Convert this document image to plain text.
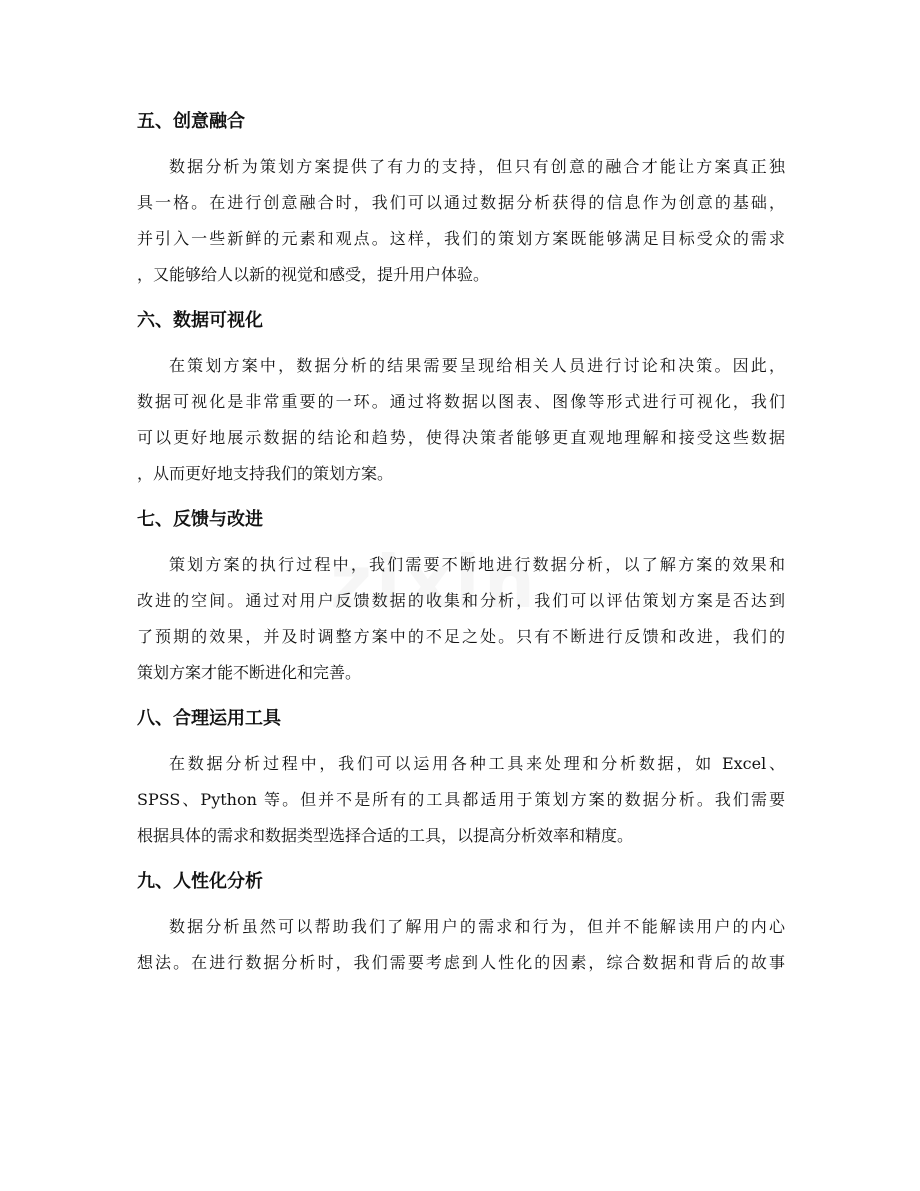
五、创意融合
数据分析为策划方案提供了有力的支持，但只有创意的融合才能让方案真正独
具一格。在进行创意融合时，我们可以通过数据分析获得的信息作为创意的基础，
并引入一些新鲜的元素和观点。这样，我们的策划方案既能够满足目标受众的需求
，又能够给人以新的视觉和感受，提升用户体验。
六、数据可视化
在策划方案中，数据分析的结果需要呈现给相关人员进行讨论和决策。因此，
数据可视化是非常重要的一环。通过将数据以图表、图像等形式进行可视化，我们
可以更好地展示数据的结论和趋势，使得决策者能够更直观地理解和接受这些数据
，从而更好地支持我们的策划方案。
七、反馈与改进
策划方案的执行过程中，我们需要不断地进行数据分析，以了解方案的效果和
改进的空间。通过对用户反馈数据的收集和分析，我们可以评估策划方案是否达到
了预期的效果，并及时调整方案中的不足之处。只有不断进行反馈和改进，我们的
策划方案才能不断进化和完善。
八、合理运用工具
在数据分析过程中，我们可以运用各种工具来处理和分析数据，如 Excel、
SPSS、Python 等。但并不是所有的工具都适用于策划方案的数据分析。我们需要
根据具体的需求和数据类型选择合适的工具，以提高分析效率和精度。
九、人性化分析
数据分析虽然可以帮助我们了解用户的需求和行为，但并不能解读用户的内心
想法。在进行数据分析时，我们需要考虑到人性化的因素，综合数据和背后的故事
